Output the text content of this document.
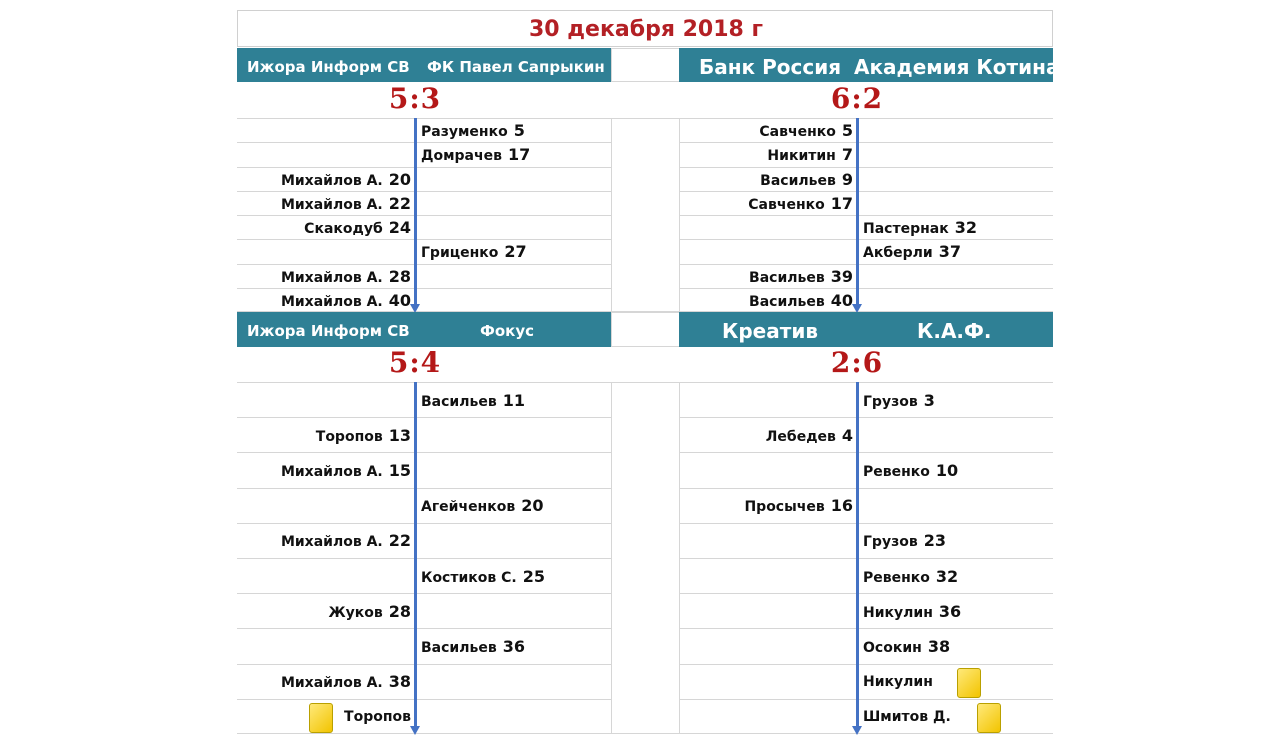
30 декабря 2018 г
Ижора Информ СВ ФК Павел Сапрыкин
5:3
Разуменко 5
Домрачев 17
Михайлов А. 20
Михайлов А. 22
Скакодуб 24
Гриценко 27
Михайлов А. 28
Михайлов А. 40
Банк Россия Академия Котина
6:2
Савченко 5
Никитин 7
Васильев 9
Савченко 17
Пастернак 32
Акберли 37
Васильев 39
Васильев 40
Ижора Информ СВ	Фокус
5:4
Васильев 11
Торопов 13
Михайлов А. 15
Агейченков 20
Михайлов А. 22
Костиков С. 25
Жуков 28
Васильев 36
Михайлов А. 38
Торопов
Креатив	К.А.Ф.
2:6
Грузов 3
Лебедев 4
Ревенко 10
Просычев 16
Грузов 23
Ревенко 32
Никулин 36
Осокин 38
Никулин
Шмитов Д.
